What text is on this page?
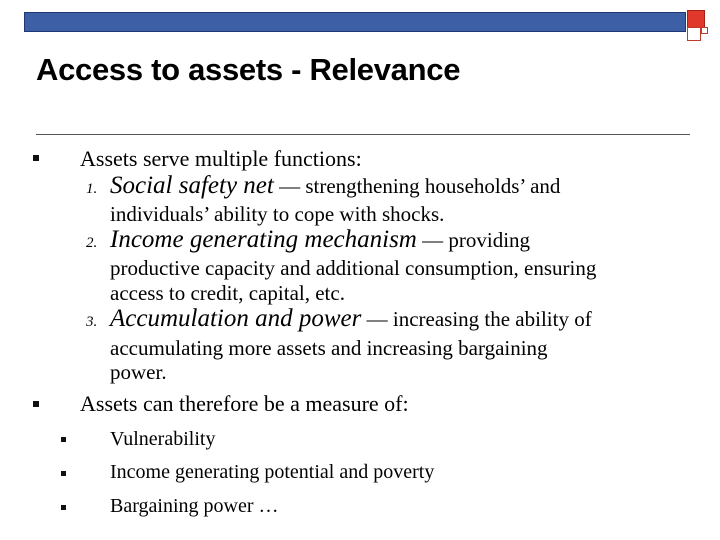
Access to assets - Relevance
Assets serve multiple functions:
1. Social safety net — strengthening households’ and
individuals’ ability to cope with shocks.
2. Income generating mechanism — providing
productive capacity and additional consumption, ensuring
access to credit, capital, etc.
3. Accumulation and power — increasing the ability of
accumulating more assets and increasing bargaining
power.
Assets can therefore be a measure of:
Vulnerability
Income generating potential and poverty
Bargaining power …
